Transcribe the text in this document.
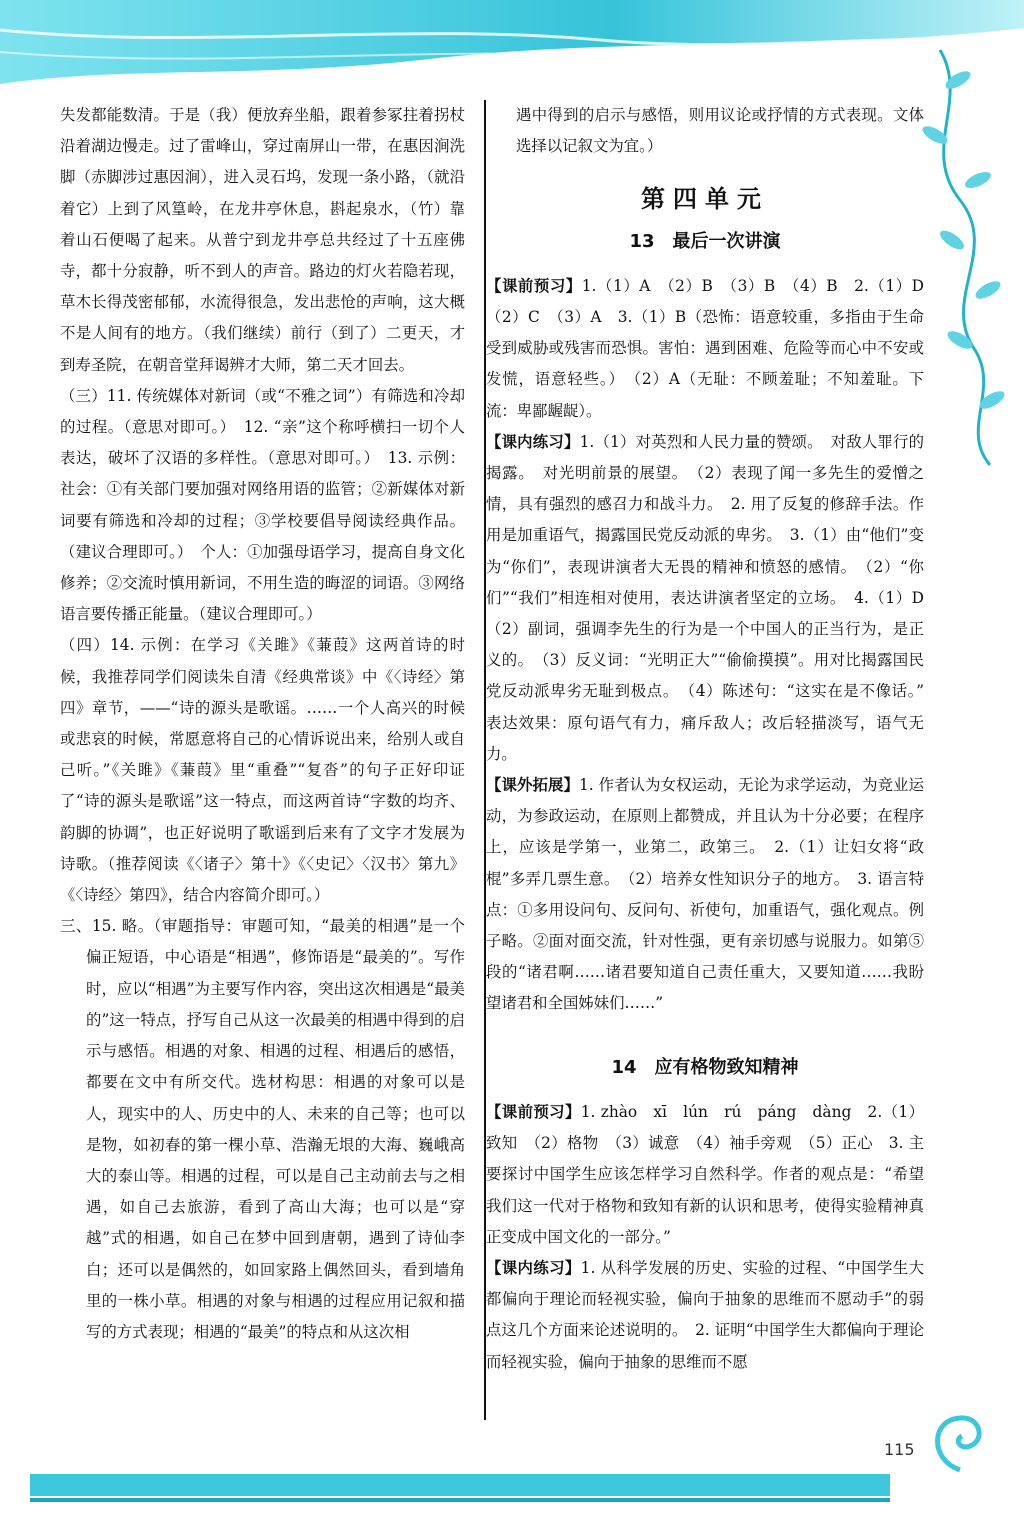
失发都能数清。于是（我）便放弃坐船，跟着参冢拄着拐杖沿着湖边慢走。过了雷峰山，穿过南屏山一带，在惠因涧洗脚（赤脚涉过惠因涧），进入灵石坞，发现一条小路，（就沿着它）上到了风篁岭，在龙井亭休息，斟起泉水，（竹）靠着山石便喝了起来。从普宁到龙井亭总共经过了十五座佛寺，都十分寂静，听不到人的声音。路边的灯火若隐若现，草木长得茂密郁郁，水流得很急，发出悲怆的声响，这大概不是人间有的地方。（我们继续）前行（到了）二更天，才到寿圣院，在朝音堂拜谒辨才大师，第二天才回去。

（三）11. 传统媒体对新词（或“不雅之词”）有筛选和冷却的过程。（意思对即可。）　12. “亲”这个称呼横扫一切个人表达，破坏了汉语的多样性。（意思对即可。）　13. 示例：社会：①有关部门要加强对网络用语的监管；②新媒体对新词要有筛选和冷却的过程；③学校要倡导阅读经典作品。（建议合理即可。）　个人：①加强母语学习，提高自身文化修养；②交流时慎用新词，不用生造的晦涩的词语。③网络语言要传播正能量。（建议合理即可。）

（四）14. 示例：在学习《关雎》《蒹葭》这两首诗的时候，我推荐同学们阅读朱自清《经典常谈》中《〈诗经〉第四》章节，——“诗的源头是歌谣。……一个人高兴的时候或悲哀的时候，常愿意将自己的心情诉说出来，给别人或自己听。”《关雎》《蒹葭》里“重叠”“复沓”的句子正好印证了“诗的源头是歌谣”这一特点，而这两首诗“字数的均齐、韵脚的协调”，也正好说明了歌谣到后来有了文字才发展为诗歌。（推荐阅读《〈诸子〉第十》《〈史记〉〈汉书〉第九》《〈诗经〉第四》，结合内容简介即可。）

三、15. 略。（审题指导：审题可知，“最美的相遇”是一个偏正短语，中心语是“相遇”，修饰语是“最美的”。写作时，应以“相遇”为主要写作内容，突出这次相遇是“最美的”这一特点，抒写自己从这一次最美的相遇中得到的启示与感悟。相遇的对象、相遇的过程、相遇后的感悟，都要在文中有所交代。选材构思：相遇的对象可以是人，现实中的人、历史中的人、未来的自己等；也可以是物，如初春的第一棵小草、浩瀚无垠的大海、巍峨高大的泰山等。相遇的过程，可以是自己主动前去与之相遇，如自己去旅游，看到了高山大海；也可以是“穿越”式的相遇，如自己在梦中回到唐朝，遇到了诗仙李白；还可以是偶然的，如回家路上偶然回头，看到墙角里的一株小草。相遇的对象与相遇的过程应用记叙和描写的方式表现；相遇的“最美”的特点和从这次相

遇中得到的启示与感悟，则用议论或抒情的方式表现。文体选择以记叙文为宜。）

第四单元
13　最后一次讲演

【课前预习】1.（1）A　（2）B　（3）B　（4）B　2.（1）D　（2）C　（3）A　3.（1）B（恐怖：语意较重，多指由于生命受到威胁或残害而恐惧。害怕：遇到困难、危险等而心中不安或发慌，语意轻些。）　（2）A（无耻：不顾羞耻；不知羞耻。下流：卑鄙龌龊）。

【课内练习】1.（1）对英烈和人民力量的赞颂。　对敌人罪行的揭露。　对光明前景的展望。　（2）表现了闻一多先生的爱憎之情，具有强烈的感召力和战斗力。　2. 用了反复的修辞手法。作用是加重语气，揭露国民党反动派的卑劣。　3.（1）由“他们”变为“你们”，表现讲演者大无畏的精神和愤怒的感情。　（2）“你们”“我们”相连相对使用，表达讲演者坚定的立场。　4.（1）D　（2）副词，强调李先生的行为是一个中国人的正当行为，是正义的。　（3）反义词：“光明正大”“偷偷摸摸”。用对比揭露国民党反动派卑劣无耻到极点。　（4）陈述句：“这实在是不像话。”　表达效果：原句语气有力，痛斥敌人；改后轻描淡写，语气无力。

【课外拓展】1. 作者认为女权运动，无论为求学运动，为竞业运动，为参政运动，在原则上都赞成，并且认为十分必要；在程序上，应该是学第一，业第二，政第三。　2.（1）让妇女将“政棍”多弄几票生意。　（2）培养女性知识分子的地方。　3. 语言特点：①多用设问句、反问句、祈使句，加重语气，强化观点。例子略。②面对面交流，针对性强，更有亲切感与说服力。如第⑤段的“诸君啊……诸君要知道自己责任重大，又要知道……我盼望诸君和全国姊妹们……”

14　应有格物致知精神

【课前预习】1. zhào　xī　lún　rú　páng　dàng　2.（1）致知　（2）格物　（3）诚意　（4）袖手旁观　（5）正心　3. 主要探讨中国学生应该怎样学习自然科学。作者的观点是：“希望我们这一代对于格物和致知有新的认识和思考，使得实验精神真正变成中国文化的一部分。”

【课内练习】1. 从科学发展的历史、实验的过程、“中国学生大都偏向于理论而轻视实验，偏向于抽象的思维而不愿动手”的弱点这几个方面来论述说明的。　2. 证明“中国学生大都偏向于理论而轻视实验，偏向于抽象的思维而不愿

115
